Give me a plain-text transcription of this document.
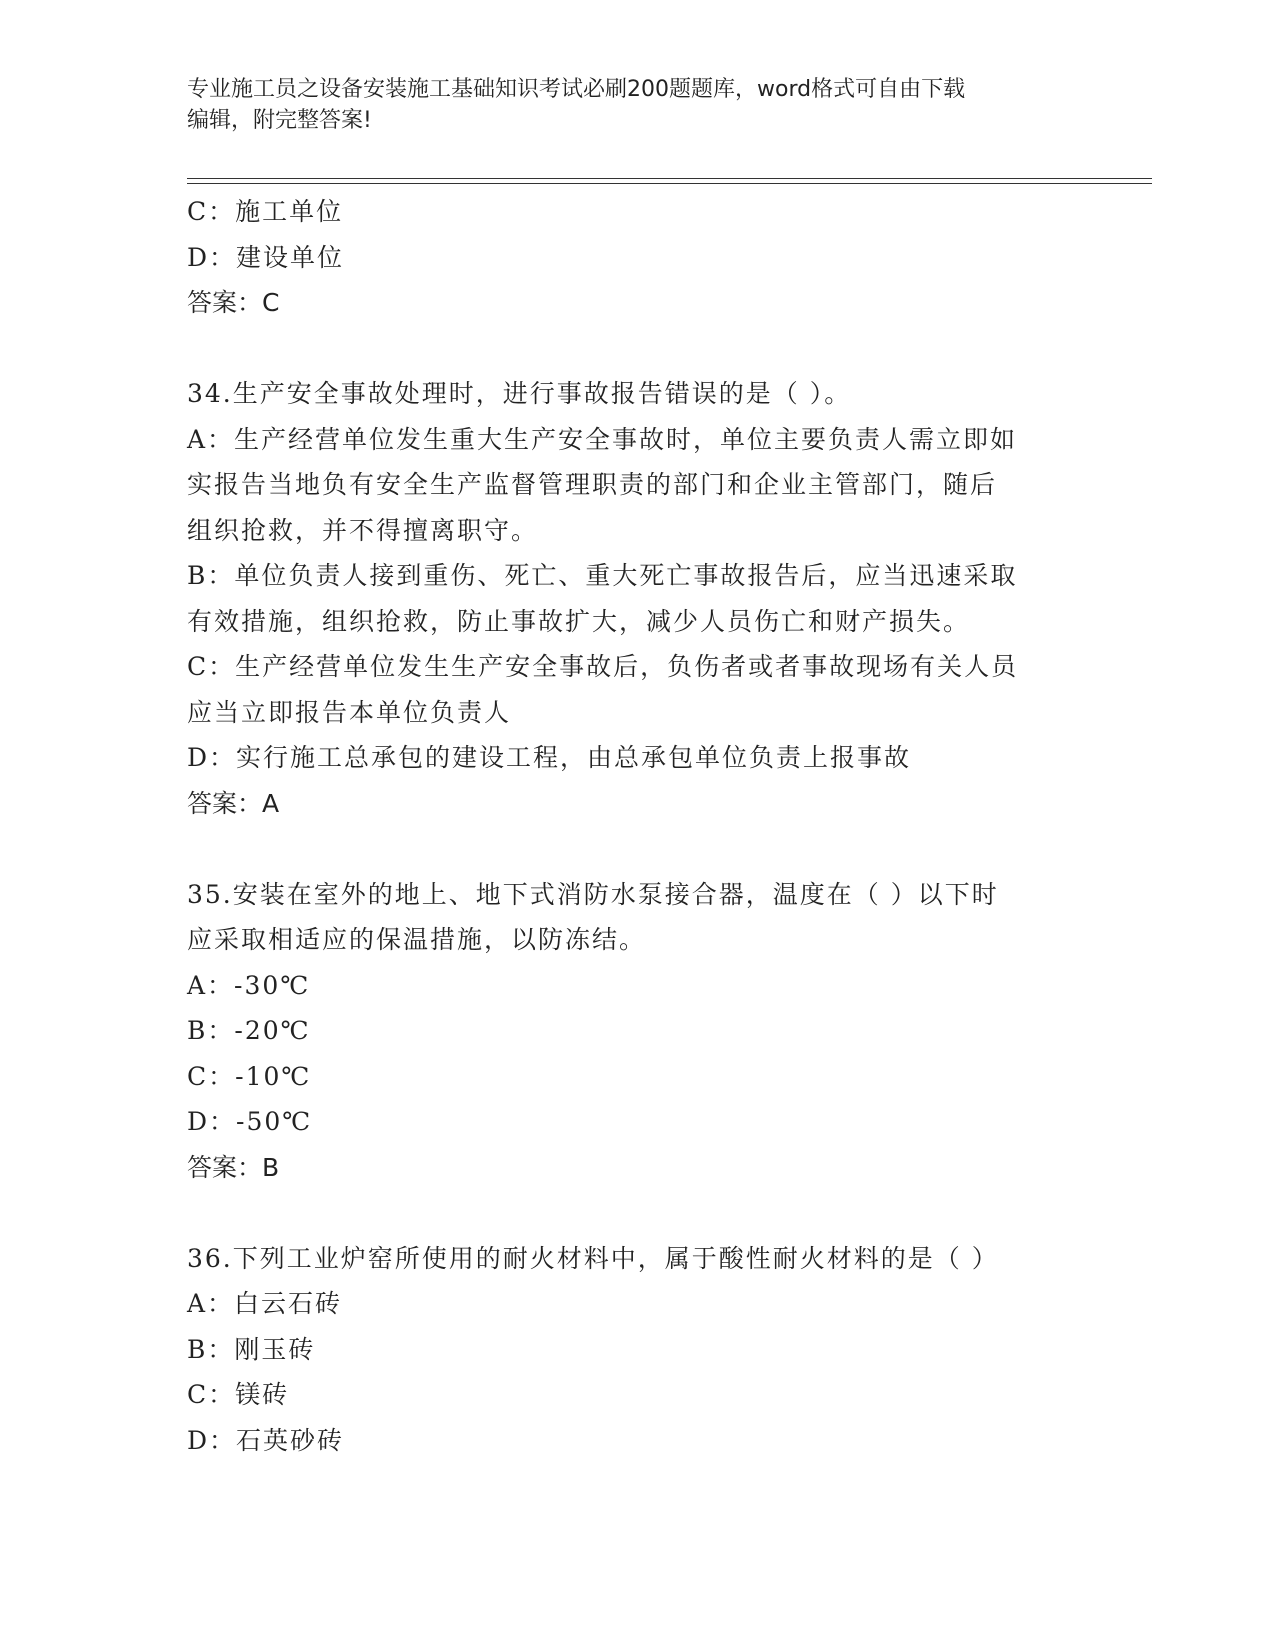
专业施工员之设备安装施工基础知识考试必刷200题题库，word格式可自由下载
编辑，附完整答案!
C：施工单位
D：建设单位
答案：C
34.生产安全事故处理时，进行事故报告错误的是（ ）。
A：生产经营单位发生重大生产安全事故时，单位主要负责人需立即如
实报告当地负有安全生产监督管理职责的部门和企业主管部门，随后
组织抢救，并不得擅离职守。
B：单位负责人接到重伤、死亡、重大死亡事故报告后，应当迅速采取
有效措施，组织抢救，防止事故扩大，减少人员伤亡和财产损失。
C：生产经营单位发生生产安全事故后，负伤者或者事故现场有关人员
应当立即报告本单位负责人
D：实行施工总承包的建设工程，由总承包单位负责上报事故
答案：A
35.安装在室外的地上、地下式消防水泵接合器，温度在（ ）以下时
应采取相适应的保温措施，以防冻结。
A：-30℃
B：-20℃
C：-10℃
D：-50℃
答案：B
36.下列工业炉窑所使用的耐火材料中，属于酸性耐火材料的是（ ）
A：白云石砖
B：刚玉砖
C：镁砖
D：石英砂砖
